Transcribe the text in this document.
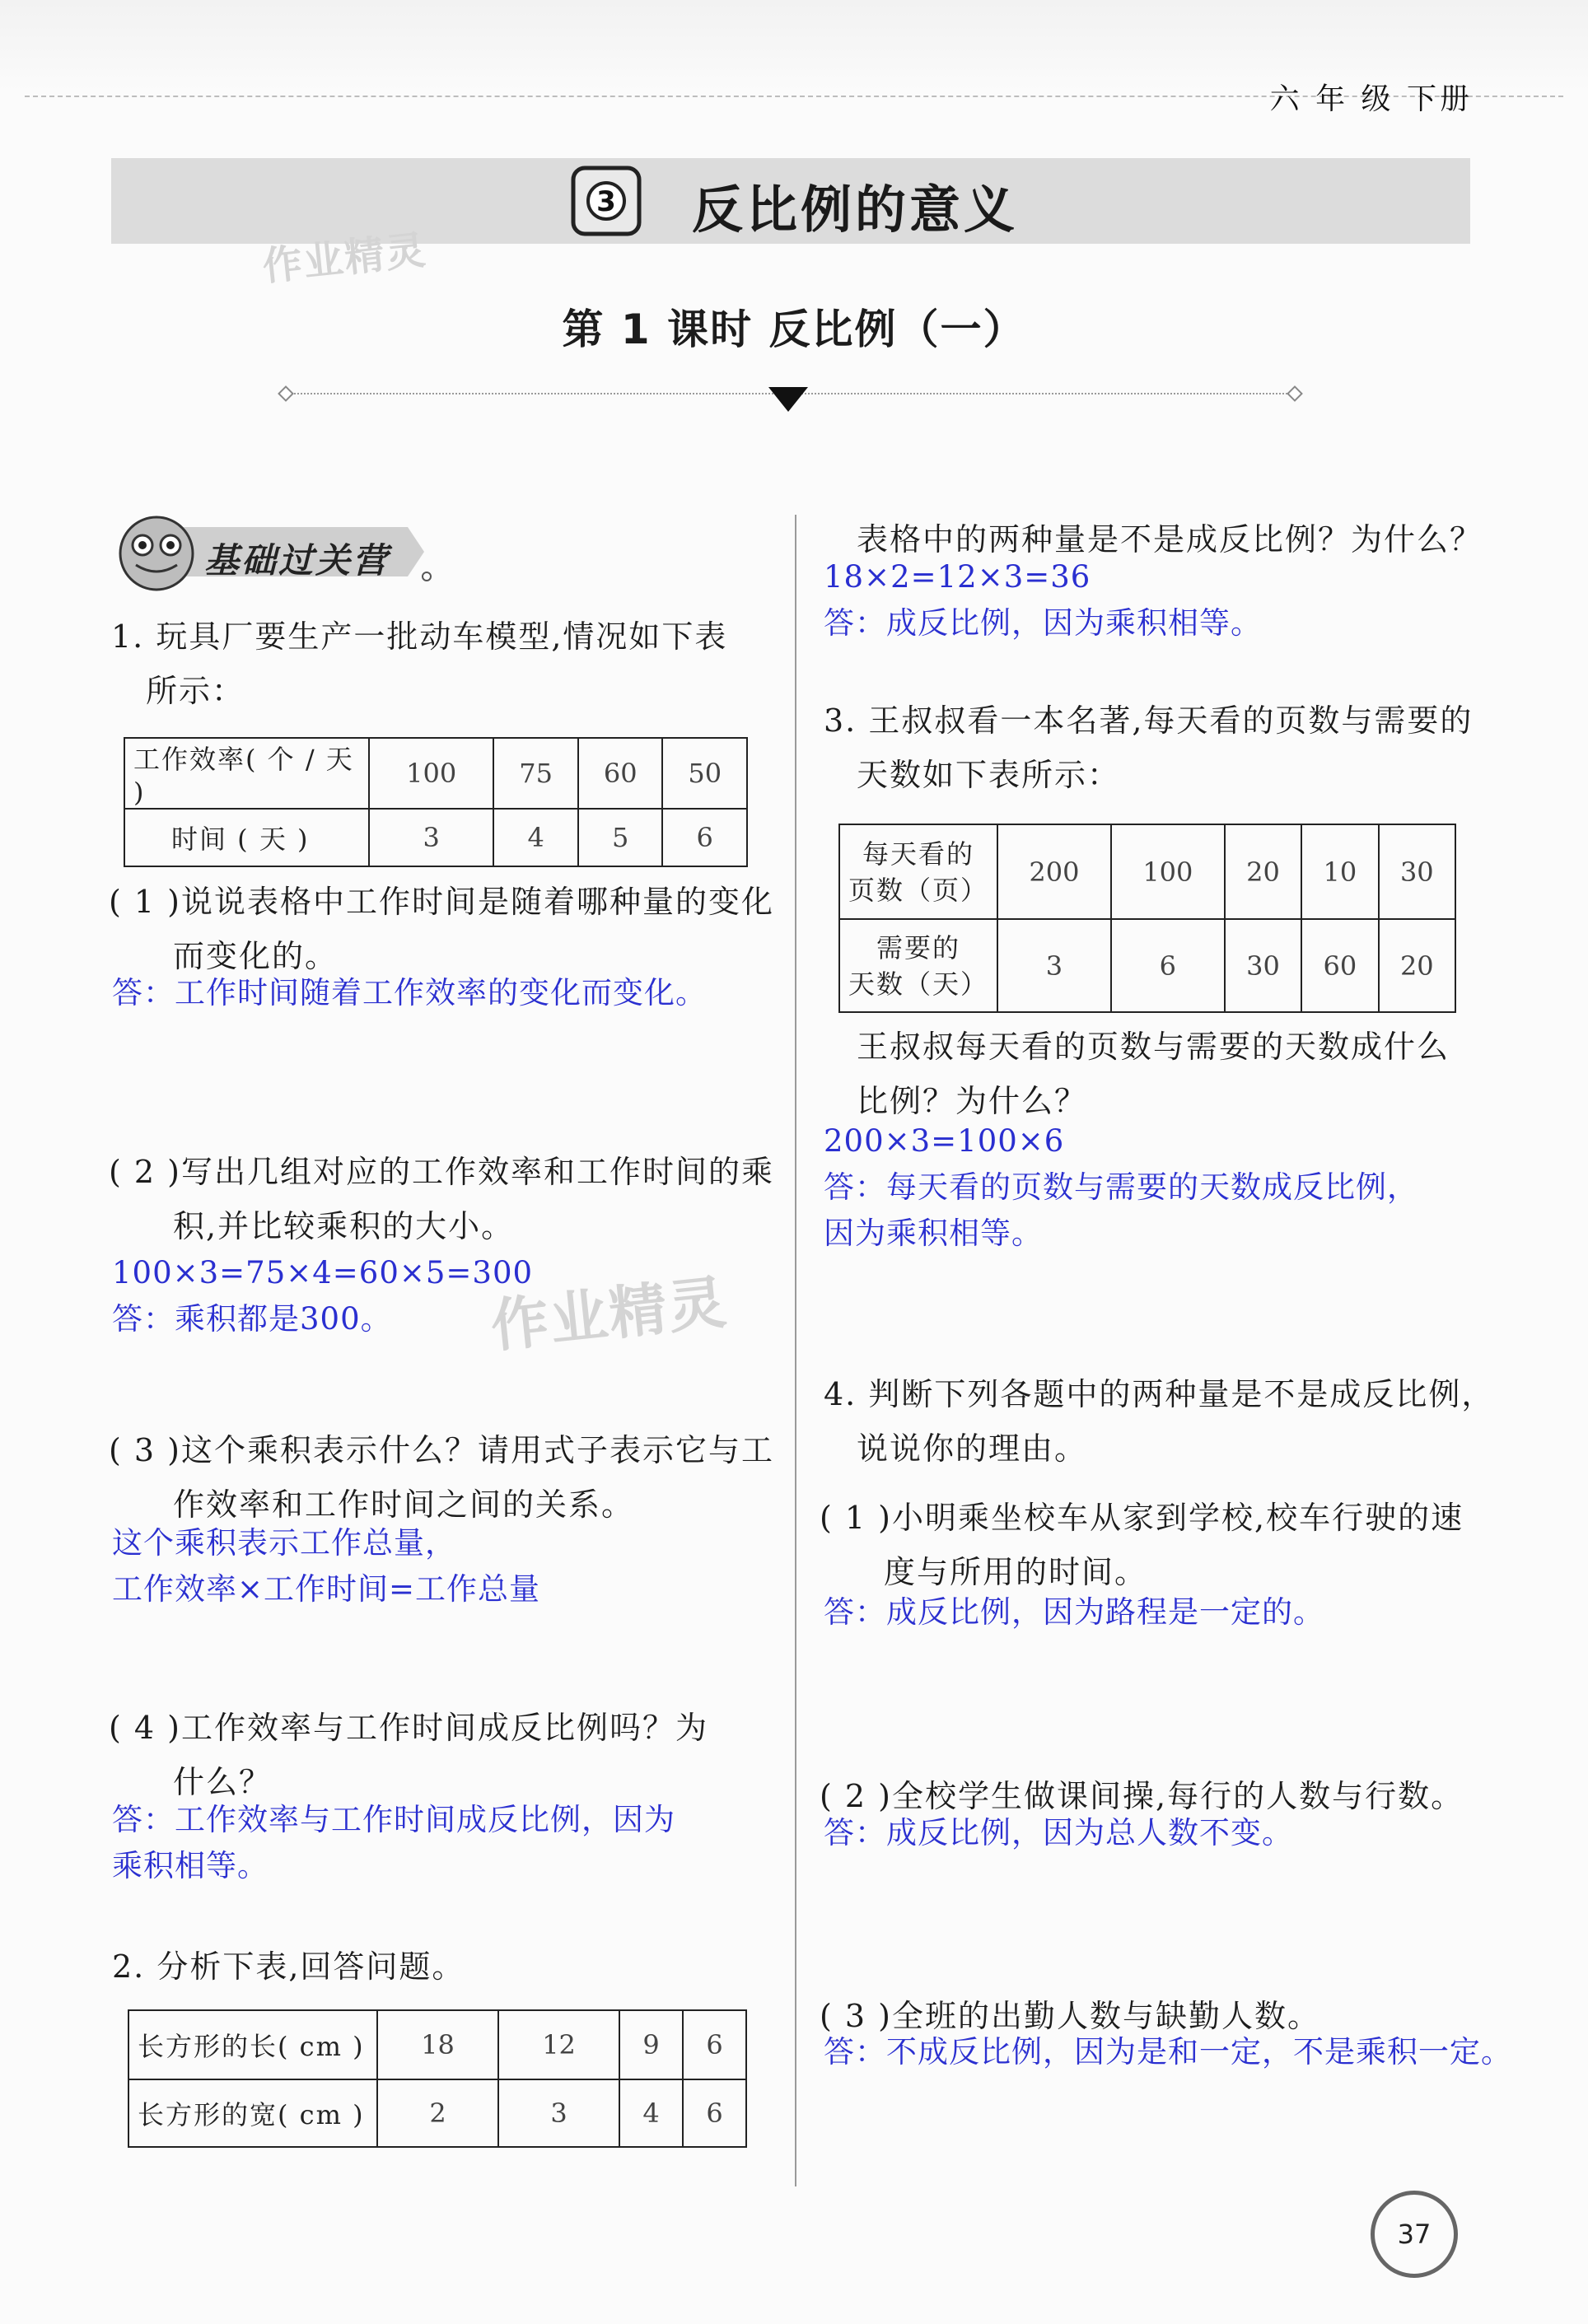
六 年 级 下册
3 反比例的意义
作业精灵
第 1 课时 反比例（一）
基础过关营
1. 玩具厂要生产一批动车模型,情况如下表
所示：
工作效率( 个 / 天 )	100	75	60	50
时间 ( 天 )	3	4	5	6
( 1 )说说表格中工作时间是随着哪种量的变化
而变化的。
答：工作时间随着工作效率的变化而变化。
( 2 )写出几组对应的工作效率和工作时间的乘
积,并比较乘积的大小。
100×3=75×4=60×5=300
答：乘积都是300。 作业精灵
( 3 )这个乘积表示什么？请用式子表示它与工
作效率和工作时间之间的关系。
这个乘积表示工作总量，
工作效率×工作时间=工作总量
( 4 )工作效率与工作时间成反比例吗？为
什么？
答：工作效率与工作时间成反比例，因为
乘积相等。
2. 分析下表,回答问题。
长方形的长( cm )	18	12	9	6
长方形的宽( cm )	2	3	4	6
表格中的两种量是不是成反比例？为什么？
18×2=12×3=36
答：成反比例，因为乘积相等。
3. 王叔叔看一本名著,每天看的页数与需要的
天数如下表所示：
每天看的
页数（页）	200	100	20	10	30

需要的
天数（天）	3	6	30	60	20
王叔叔每天看的页数与需要的天数成什么
比例？为什么？
200×3=100×6
答：每天看的页数与需要的天数成反比例，
因为乘积相等。
4. 判断下列各题中的两种量是不是成反比例，
说说你的理由。
( 1 )小明乘坐校车从家到学校,校车行驶的速
度与所用的时间。
答：成反比例，因为路程是一定的。
( 2 )全校学生做课间操,每行的人数与行数。
答：成反比例，因为总人数不变。
( 3 )全班的出勤人数与缺勤人数。
答：不成反比例，因为是和一定，不是乘积一定。
37
